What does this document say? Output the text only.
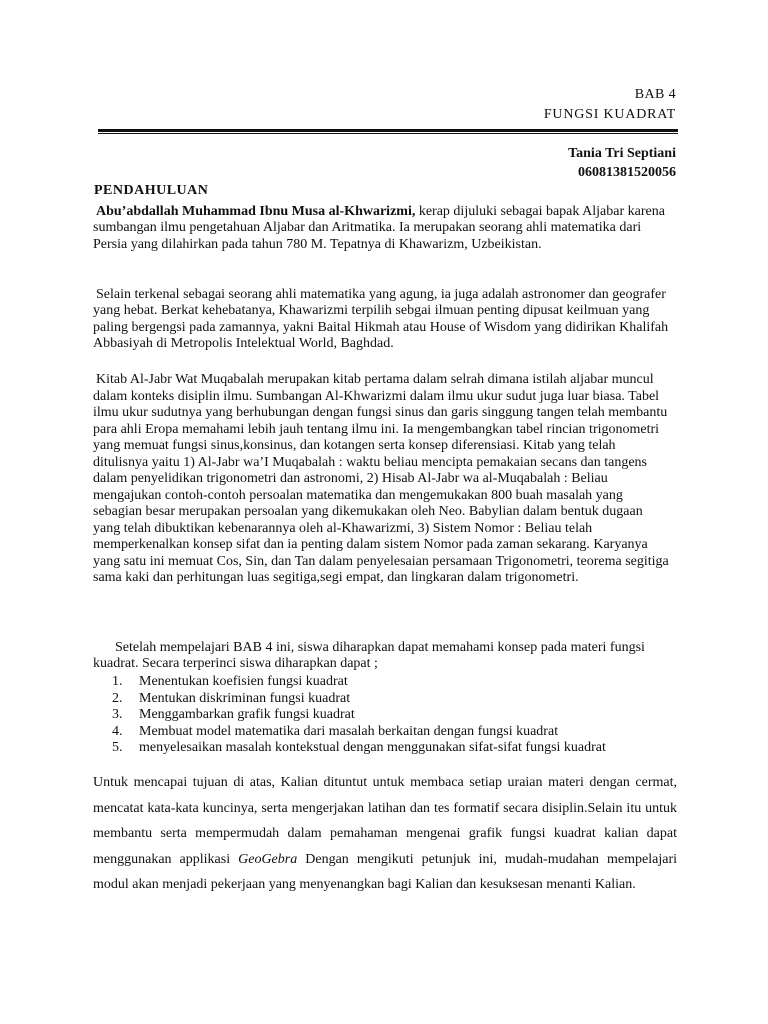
BAB 4
FUNGSI KUADRAT
Tania Tri Septiani
06081381520056
PENDAHULUAN
Abu’abdallah Muhammad Ibnu Musa al-Khwarizmi, kerap dijuluki sebagai bapak Aljabar karena sumbangan ilmu pengetahuan Aljabar dan Aritmatika. Ia merupakan seorang ahli matematika dari Persia yang dilahirkan pada tahun 780 M. Tepatnya di Khawarizm, Uzbeikistan.
Selain terkenal sebagai seorang ahli matematika yang agung, ia juga adalah astronomer dan geografer yang hebat. Berkat kehebatanya, Khawarizmi terpilih sebgai ilmuan penting dipusat keilmuan yang paling bergengsi pada zamannya, yakni Baital Hikmah atau House of Wisdom yang didirikan Khalifah Abbasiyah di Metropolis Intelektual World, Baghdad.
Kitab Al-Jabr Wat Muqabalah merupakan kitab pertama dalam selrah dimana istilah aljabar muncul dalam konteks disiplin ilmu. Sumbangan Al-Khwarizmi dalam ilmu ukur sudut juga luar biasa. Tabel ilmu ukur sudutnya yang berhubungan dengan fungsi sinus dan garis singgung tangen telah membantu para ahli Eropa memahami lebih jauh tentang ilmu ini. Ia mengembangkan tabel rincian trigonometri yang memuat fungsi sinus,konsinus, dan kotangen serta konsep diferensiasi. Kitab yang telah ditulisnya yaitu 1) Al-Jabr wa’I Muqabalah : waktu beliau mencipta pemakaian secans dan tangens dalam penyelidikan trigonometri dan astronomi, 2) Hisab Al-Jabr wa al-Muqabalah : Beliau mengajukan contoh-contoh persoalan matematika dan mengemukakan 800 buah masalah yang sebagian besar merupakan persoalan yang dikemukakan oleh Neo. Babylian dalam bentuk dugaan yang telah dibuktikan kebenarannya oleh al-Khawarizmi, 3) Sistem Nomor : Beliau telah memperkenalkan konsep sifat dan ia penting dalam sistem Nomor pada zaman sekarang. Karyanya yang satu ini memuat Cos, Sin, dan Tan dalam penyelesaian persamaan Trigonometri, teorema segitiga sama kaki dan perhitungan luas segitiga,segi empat, dan lingkaran dalam trigonometri.
Setelah mempelajari BAB 4 ini, siswa diharapkan dapat memahami konsep pada materi fungsi kuadrat. Secara terperinci siswa diharapkan dapat ;
1.	Menentukan koefisien fungsi kuadrat
2.	Mentukan diskriminan fungsi kuadrat
3.	Menggambarkan grafik fungsi kuadrat
4.	Membuat model matematika dari masalah berkaitan dengan fungsi kuadrat
5.	menyelesaikan masalah kontekstual dengan menggunakan sifat-sifat fungsi kuadrat
Untuk mencapai tujuan di atas, Kalian dituntut untuk membaca setiap uraian materi dengan cermat, mencatat kata-kata kuncinya, serta mengerjakan latihan dan tes formatif secara disiplin.Selain itu untuk membantu serta mempermudah dalam pemahaman mengenai grafik fungsi kuadrat kalian dapat menggunakan applikasi GeoGebra Dengan mengikuti petunjuk ini, mudah-mudahan mempelajari modul akan menjadi pekerjaan yang menyenangkan bagi Kalian dan kesuksesan menanti Kalian.
